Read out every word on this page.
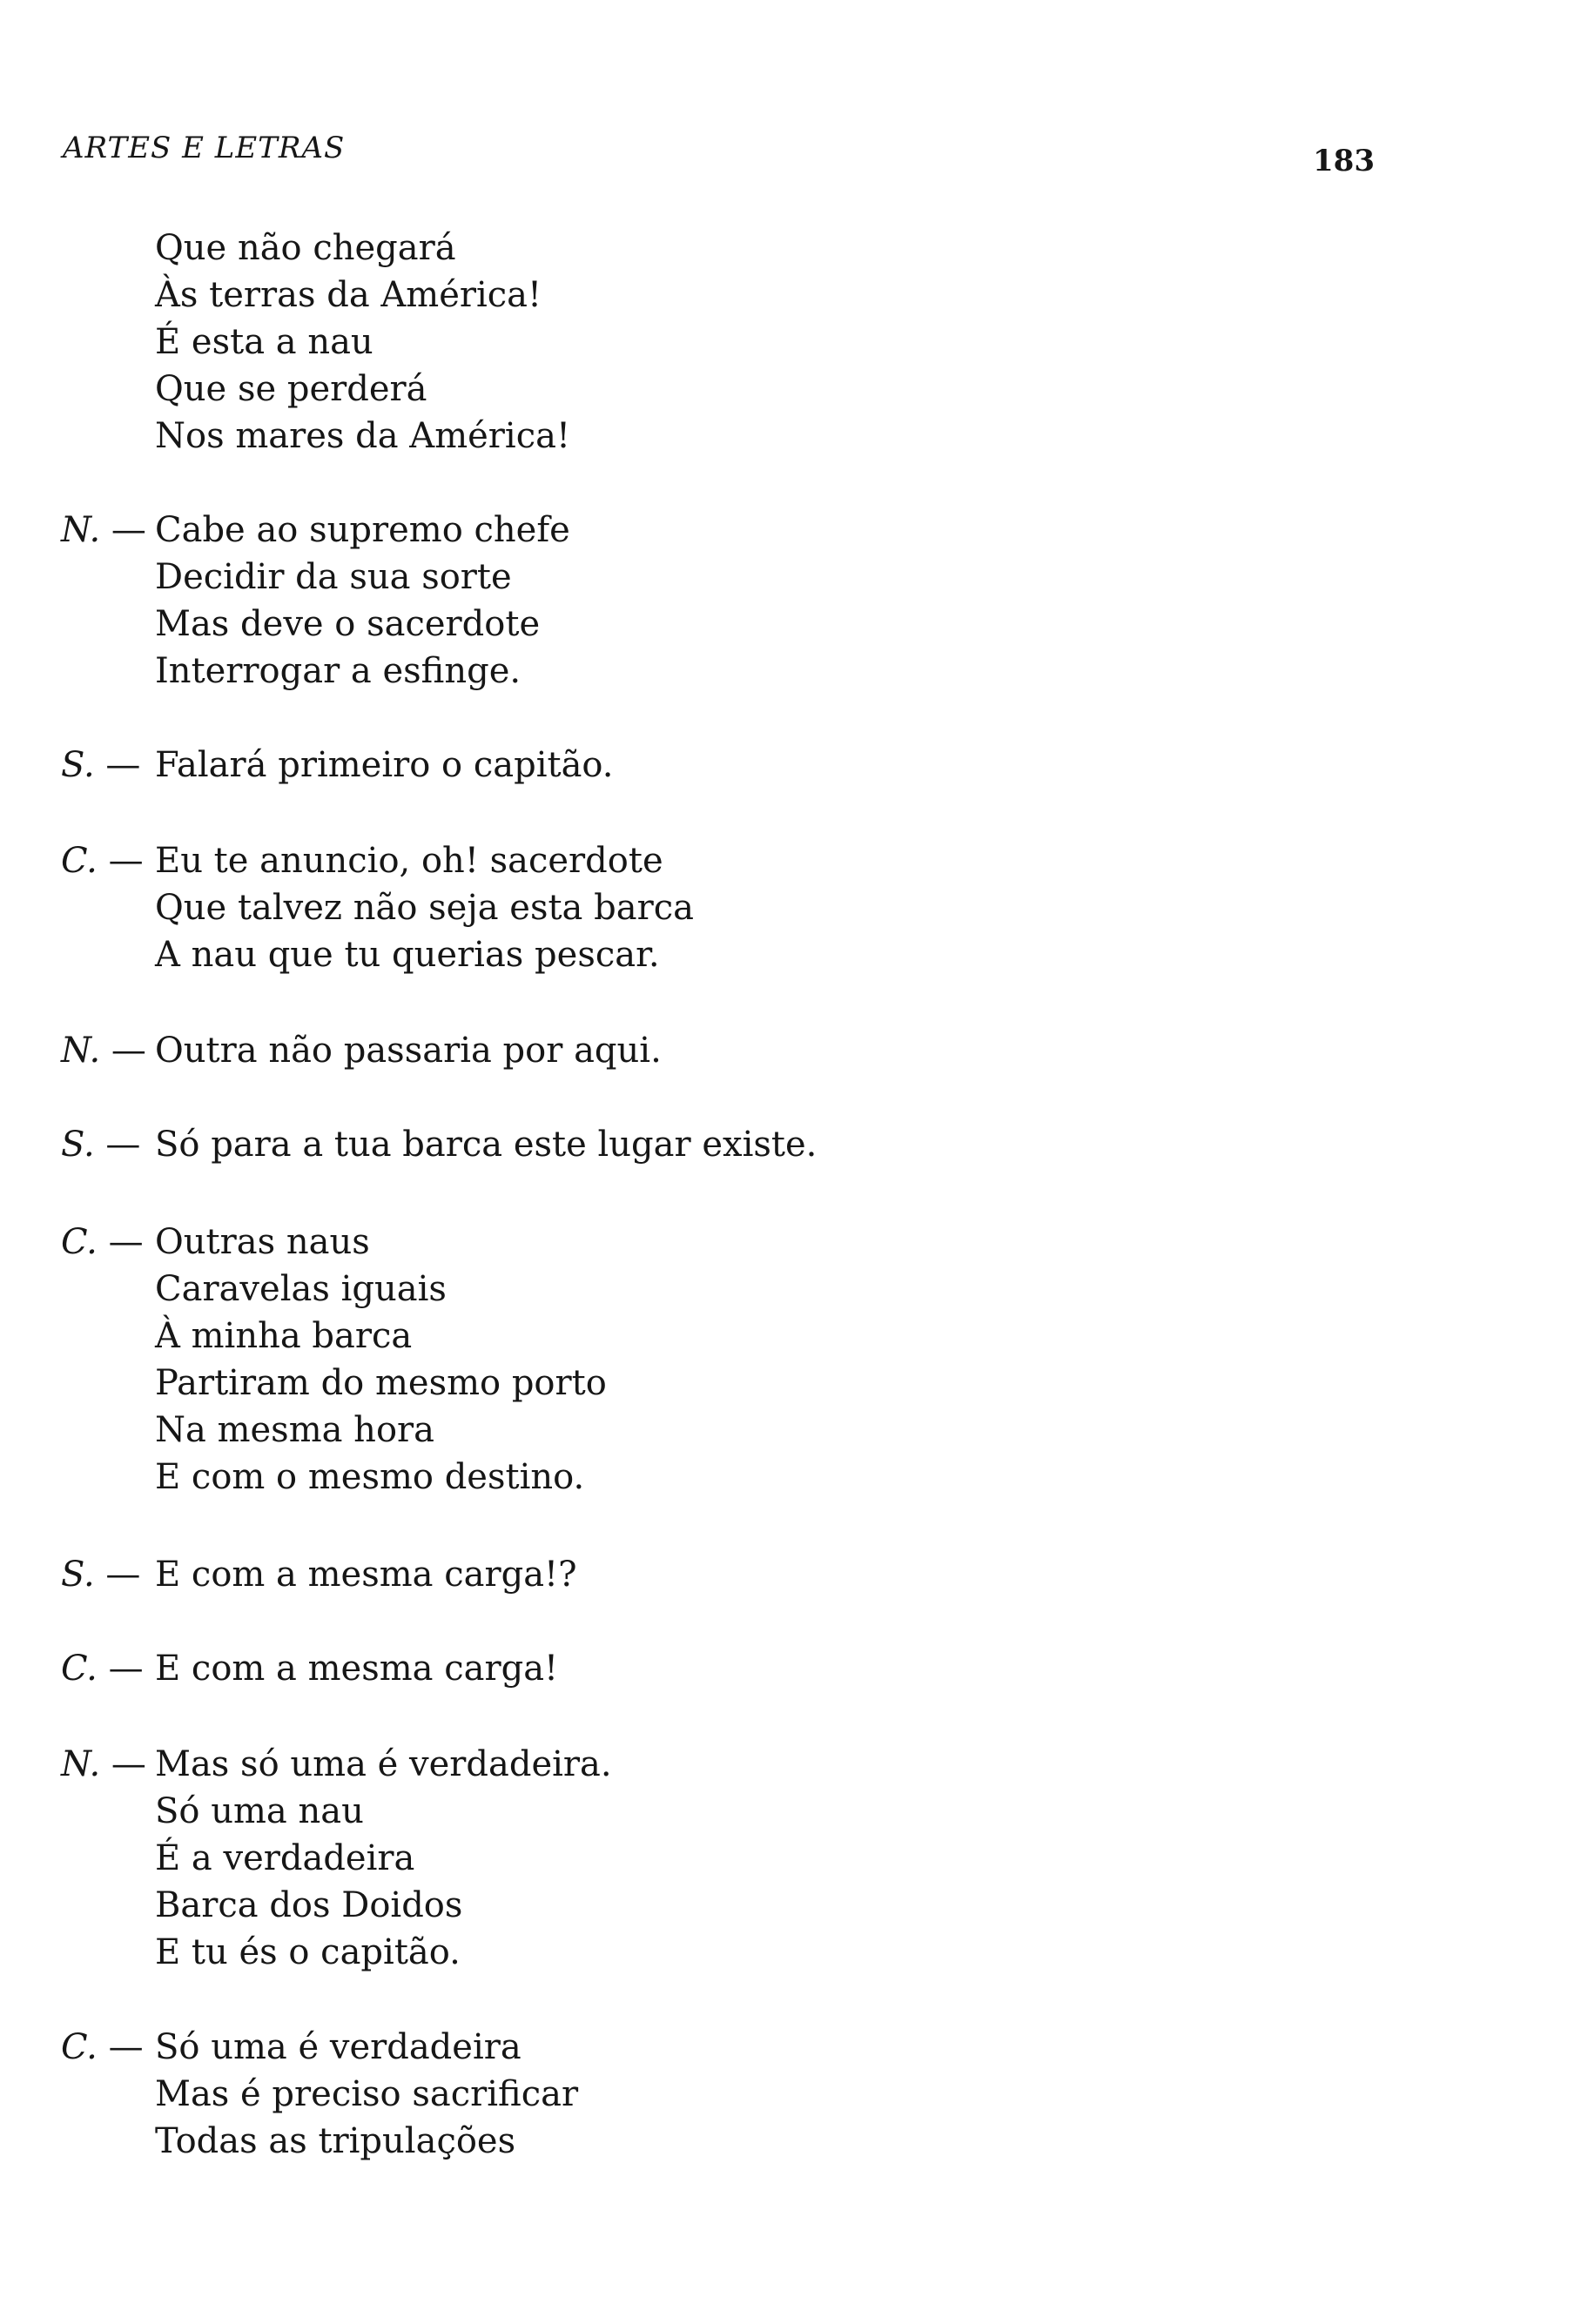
ARTES E LETRAS	183
Que não chegará
Às terras da América!
É esta a nau
Que se perderá
Nos mares da América!
N. — Cabe ao supremo chefe
Decidir da sua sorte
Mas deve o sacerdote
Interrogar a esfinge.
S. — Falará primeiro o capitão.
C. — Eu te anuncio, oh! sacerdote
Que talvez não seja esta barca
A nau que tu querias pescar.
N. — Outra não passaria por aqui.
S. — Só para a tua barca este lugar existe.
C. — Outras naus
Caravelas iguais
À minha barca
Partiram do mesmo porto
Na mesma hora
E com o mesmo destino.
S. — E com a mesma carga!?
C. — E com a mesma carga!
N. — Mas só uma é verdadeira.
Só uma nau
É a verdadeira
Barca dos Doidos
E tu és o capitão.
C. — Só uma é verdadeira
Mas é preciso sacrificar
Todas as tripulações
